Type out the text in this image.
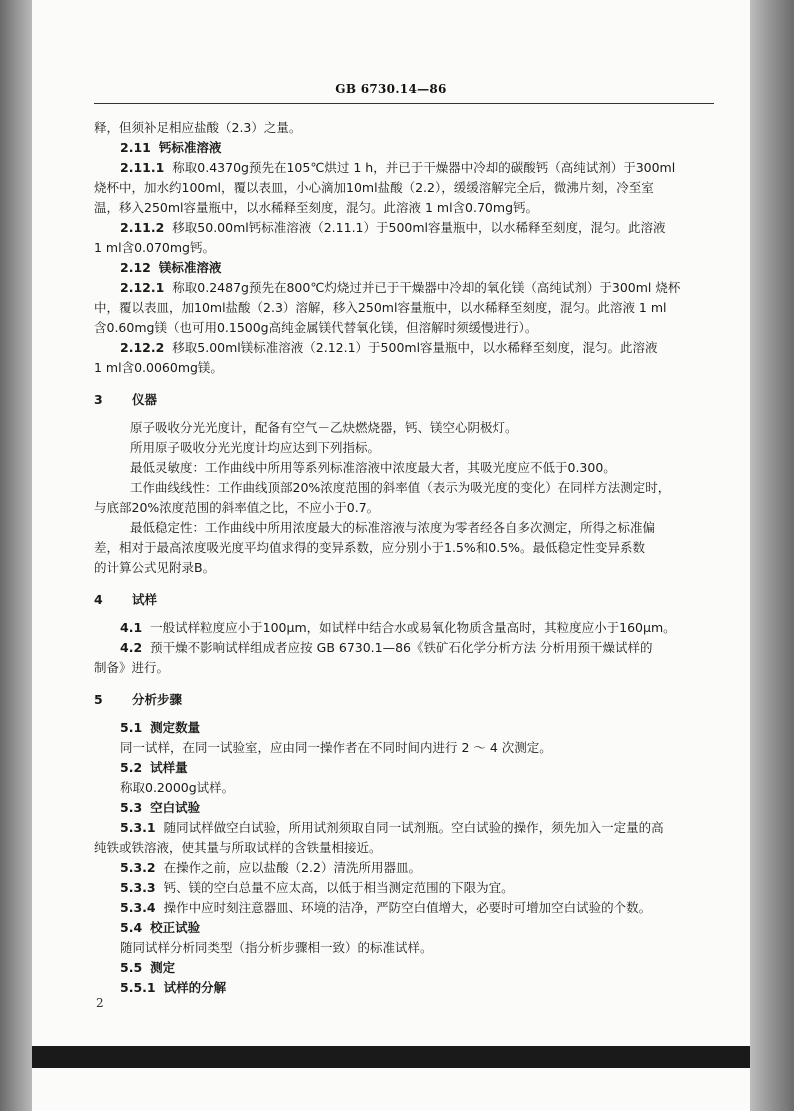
GB 6730.14—86
释，但须补足相应盐酸（2.3）之量。
2.11 钙标准溶液
2.11.1 称取0.4370g预先在105℃烘过 1 h，并已于干燥器中冷却的碳酸钙（高纯试剂）于300ml
烧杯中，加水约100ml，覆以表皿，小心滴加10ml盐酸（2.2），缓缓溶解完全后，微沸片刻，冷至室
温，移入250ml容量瓶中，以水稀释至刻度，混匀。此溶液 1 ml含0.70mg钙。
2.11.2 移取50.00ml钙标准溶液（2.11.1）于500ml容量瓶中，以水稀释至刻度，混匀。此溶液
1 ml含0.070mg钙。
2.12 镁标准溶液
2.12.1 称取0.2487g预先在800℃灼烧过并已于干燥器中冷却的氧化镁（高纯试剂）于300ml 烧杯
中，覆以表皿，加10ml盐酸（2.3）溶解，移入250ml容量瓶中，以水稀释至刻度，混匀。此溶液 1 ml
含0.60mg镁（也可用0.1500g高纯金属镁代替氧化镁，但溶解时须缓慢进行）。
2.12.2 移取5.00ml镁标准溶液（2.12.1）于500ml容量瓶中，以水稀释至刻度，混匀。此溶液
1 ml含0.0060mg镁。
3 仪器
原子吸收分光光度计，配备有空气－乙炔燃烧器，钙、镁空心阴极灯。
所用原子吸收分光光度计均应达到下列指标。
最低灵敏度：工作曲线中所用等系列标准溶液中浓度最大者，其吸光度应不低于0.300。
工作曲线线性：工作曲线顶部20%浓度范围的斜率值（表示为吸光度的变化）在同样方法测定时，
与底部20%浓度范围的斜率值之比，不应小于0.7。
最低稳定性：工作曲线中所用浓度最大的标准溶液与浓度为零者经各自多次测定，所得之标准偏
差，相对于最高浓度吸光度平均值求得的变异系数，应分别小于1.5%和0.5%。最低稳定性变异系数
的计算公式见附录B。
4 试样
4.1 一般试样粒度应小于100μm，如试样中结合水或易氧化物质含量高时，其粒度应小于160μm。
4.2 预干燥不影响试样组成者应按 GB 6730.1—86《铁矿石化学分析方法 分析用预干燥试样的
制备》进行。
5 分析步骤
5.1 测定数量
同一试样，在同一试验室，应由同一操作者在不同时间内进行 2 ～ 4 次测定。
5.2 试样量
称取0.2000g试样。
5.3 空白试验
5.3.1 随同试样做空白试验，所用试剂须取自同一试剂瓶。空白试验的操作，须先加入一定量的高
纯铁或铁溶液，使其量与所取试样的含铁量相接近。
5.3.2 在操作之前，应以盐酸（2.2）清洗所用器皿。
5.3.3 钙、镁的空白总量不应太高，以低于相当测定范围的下限为宜。
5.3.4 操作中应时刻注意器皿、环境的洁净，严防空白值增大，必要时可增加空白试验的个数。
5.4 校正试验
随同试样分析同类型（指分析步骤相一致）的标准试样。
5.5 测定
5.5.1 试样的分解
2
